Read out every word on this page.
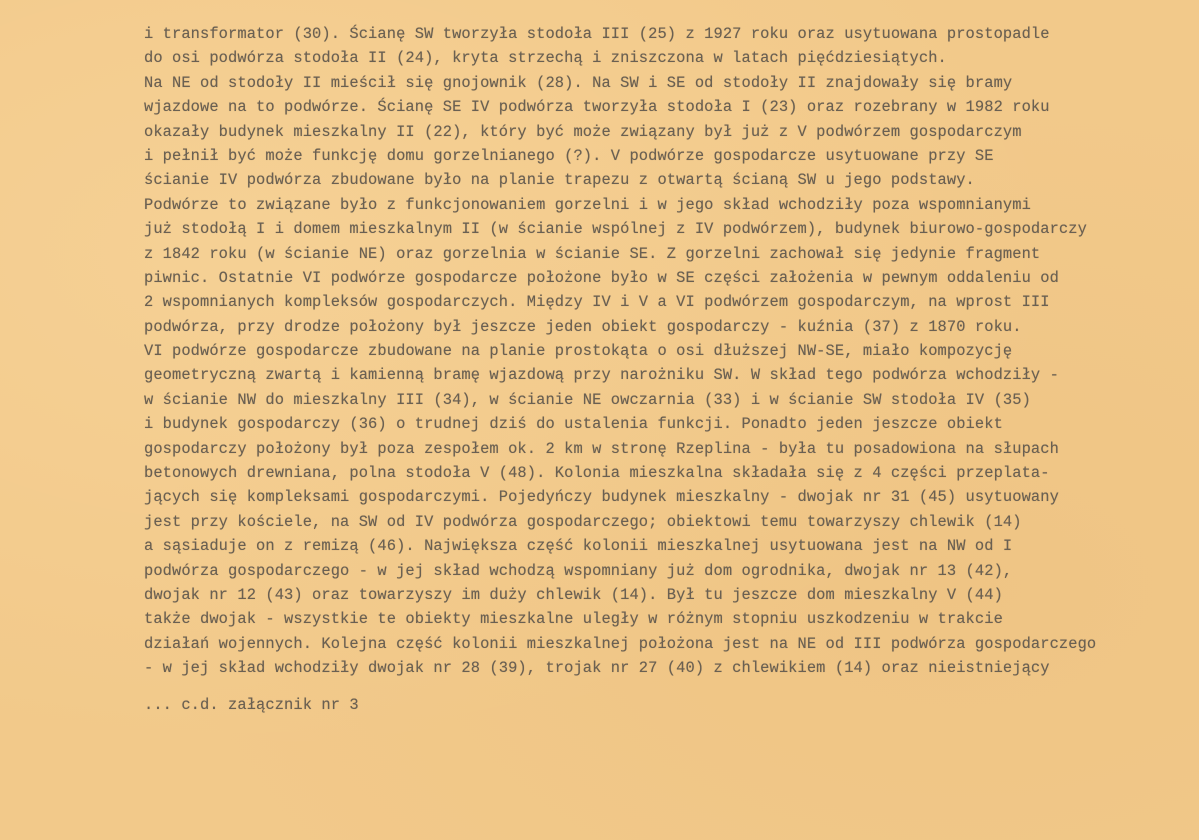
i transformator (30). Ścianę SW tworzyła stodoła III (25) z 1927 roku oraz usytuowana prostopadle
do osi podwórza stodoła II (24), kryta strzechą i zniszczona w latach pięćdziesiątych.
Na NE od stodoły II mieścił się gnojownik (28). Na SW i SE od stodoły II znajdowały się bramy
wjazdowe na to podwórze. Ścianę SE IV podwórza tworzyła stodoła I (23) oraz rozebrany w 1982 roku
okazały budynek mieszkalny II (22), który być może związany był już z V podwórzem gospodarczym
i pełnił być może funkcję domu gorzelnianego (?). V podwórze gospodarcze usytuowane przy SE
ścianie IV podwórza zbudowane było na planie trapezu z otwartą ścianą SW u jego podstawy.
Podwórze to związane było z funkcjonowaniem gorzelni i w jego skład wchodziły poza wspomnianymi
już stodołą I i domem mieszkalnym II (w ścianie wspólnej z IV podwórzem), budynek biurowo-gospodarczy
z 1842 roku (w ścianie NE) oraz gorzelnia w ścianie SE. Z gorzelni zachował się jedynie fragment
piwnic. Ostatnie VI podwórze gospodarcze położone było w SE części założenia w pewnym oddaleniu od
2 wspomnianych kompleksów gospodarczych. Między IV i V a VI podwórzem gospodarczym, na wprost III
podwórza, przy drodze położony był jeszcze jeden obiekt gospodarczy - kuźnia (37) z 1870 roku.
VI podwórze gospodarcze zbudowane na planie prostokąta o osi dłuższej NW-SE, miało kompozycję
geometryczną zwartą i kamienną bramę wjazdową przy narożniku SW. W skład tego podwórza wchodziły -
w ścianie NW do mieszkalny III (34), w ścianie NE owczarnia (33) i w ścianie SW stodoła IV (35)
i budynek gospodarczy (36) o trudnej dziś do ustalenia funkcji. Ponadto jeden jeszcze obiekt
gospodarczy położony był poza zespołem ok. 2 km w stronę Rzeplina - była tu posadowiona na słupach
betonowych drewniana, polna stodoła V (48). Kolonia mieszkalna składała się z 4 części przeplata-
jących się kompleksami gospodarczymi. Pojedyńczy budynek mieszkalny - dwojak nr 31 (45) usytuowany
jest przy kościele, na SW od IV podwórza gospodarczego; obiektowi temu towarzyszy chlewik (14)
a sąsiaduje on z remizą (46). Największa część kolonii mieszkalnej usytuowana jest na NW od I
podwórza gospodarczego - w jej skład wchodzą wspomniany już dom ogrodnika, dwojak nr 13 (42),
dwojak nr 12 (43) oraz towarzyszy im duży chlewik (14). Był tu jeszcze dom mieszkalny V (44)
także dwojak - wszystkie te obiekty mieszkalne uległy w różnym stopniu uszkodzeniu w trakcie
działań wojennych. Kolejna część kolonii mieszkalnej położona jest na NE od III podwórza gospodarczego
- w jej skład wchodziły dwojak nr 28 (39), trojak nr 27 (40) z chlewikiem (14) oraz nieistniejący
... c.d. załącznik nr 3
